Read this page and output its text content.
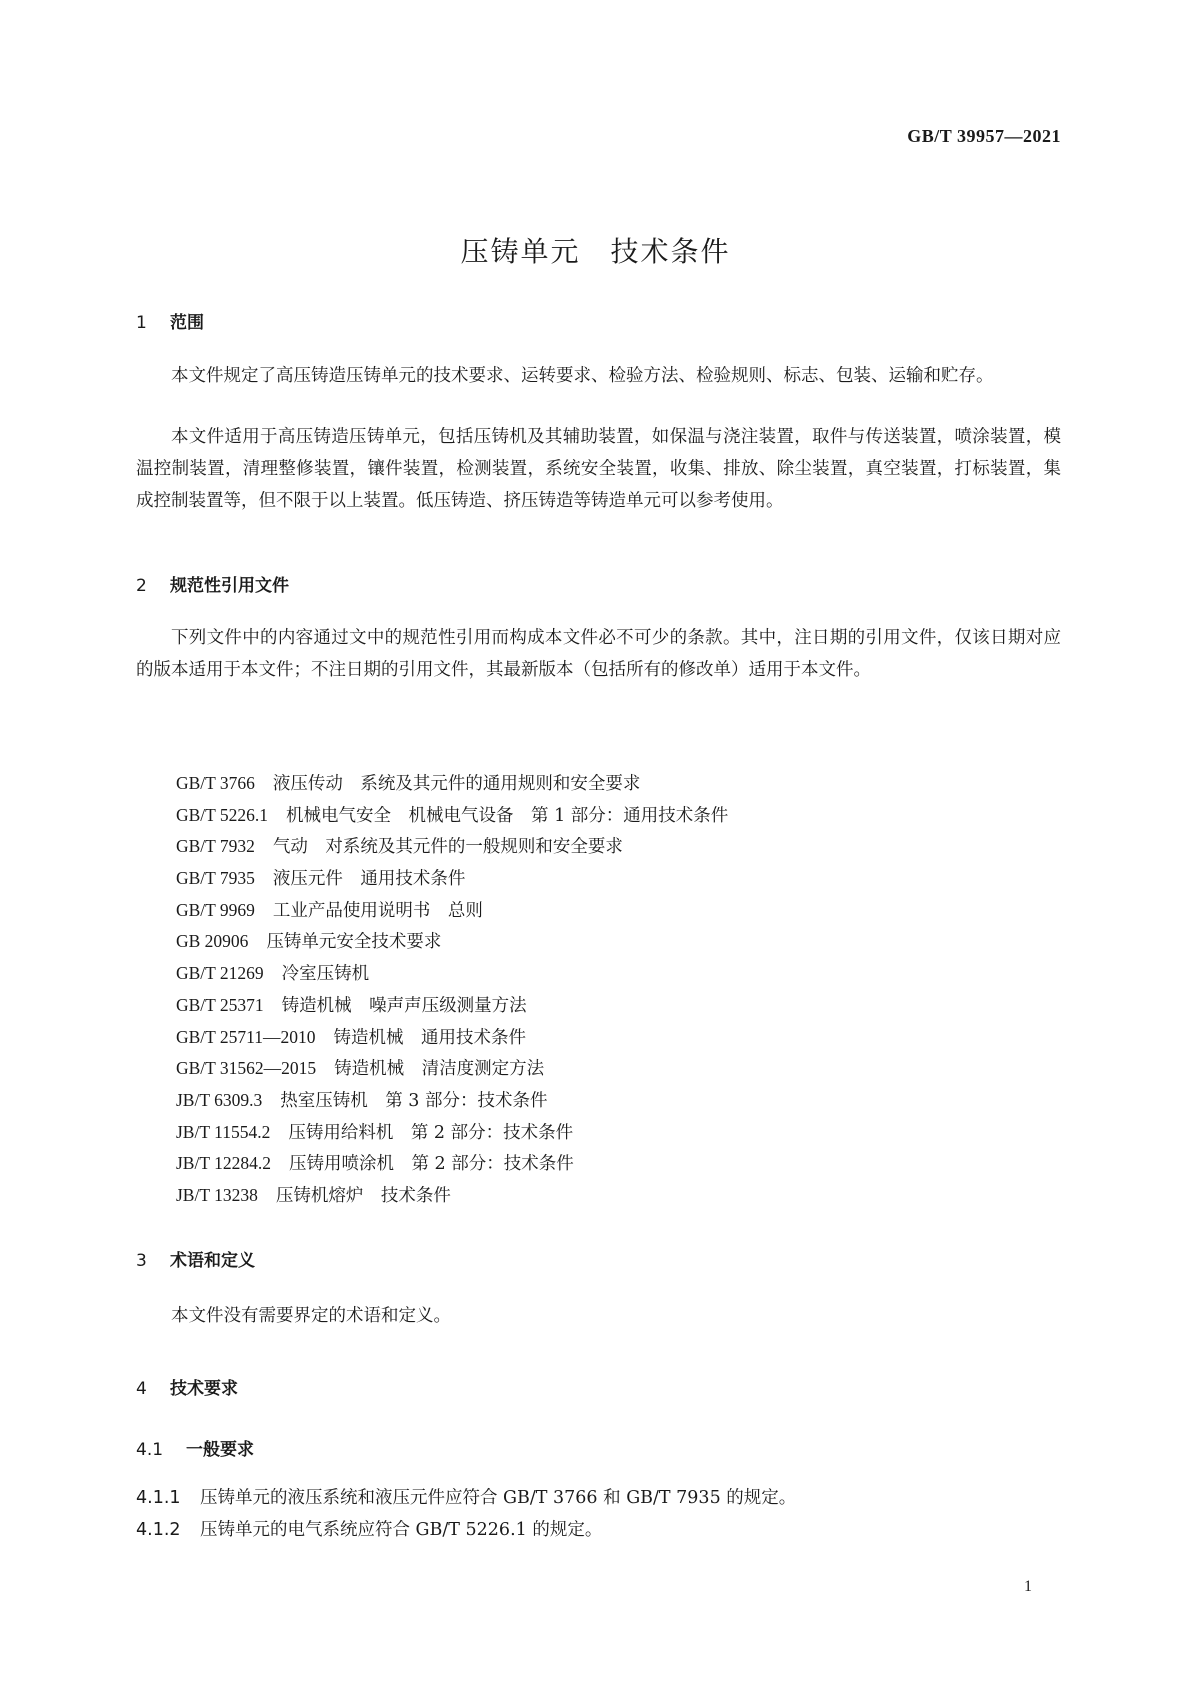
GB/T 39957—2021
压铸单元　技术条件
1 范围

本文件规定了高压铸造压铸单元的技术要求、运转要求、检验方法、检验规则、标志、包装、运输和贮存。

本文件适用于高压铸造压铸单元，包括压铸机及其辅助装置，如保温与浇注装置，取件与传送装置，喷涂装置，模温控制装置，清理整修装置，镶件装置，检测装置，系统安全装置，收集、排放、除尘装置，真空装置，打标装置，集成控制装置等，但不限于以上装置。低压铸造、挤压铸造等铸造单元可以参考使用。

2 规范性引用文件

下列文件中的内容通过文中的规范性引用而构成本文件必不可少的条款。其中，注日期的引用文件，仅该日期对应的版本适用于本文件；不注日期的引用文件，其最新版本（包括所有的修改单）适用于本文件。

GB/T 3766 液压传动　系统及其元件的通用规则和安全要求
GB/T 5226.1 机械电气安全　机械电气设备　第 1 部分：通用技术条件
GB/T 7932 气动　对系统及其元件的一般规则和安全要求
GB/T 7935 液压元件　通用技术条件
GB/T 9969 工业产品使用说明书　总则
GB 20906 压铸单元安全技术要求
GB/T 21269 冷室压铸机
GB/T 25371 铸造机械　噪声声压级测量方法
GB/T 25711—2010 铸造机械　通用技术条件
GB/T 31562—2015 铸造机械　清洁度测定方法
JB/T 6309.3 热室压铸机　第 3 部分：技术条件
JB/T 11554.2 压铸用给料机　第 2 部分：技术条件
JB/T 12284.2 压铸用喷涂机　第 2 部分：技术条件
JB/T 13238 压铸机熔炉　技术条件
3 术语和定义

本文件没有需要界定的术语和定义。

4 技术要求
4.1 一般要求
4.1.1 压铸单元的液压系统和液压元件应符合 GB/T 3766 和 GB/T 7935 的规定。
4.1.2 压铸单元的电气系统应符合 GB/T 5226.1 的规定。
1
